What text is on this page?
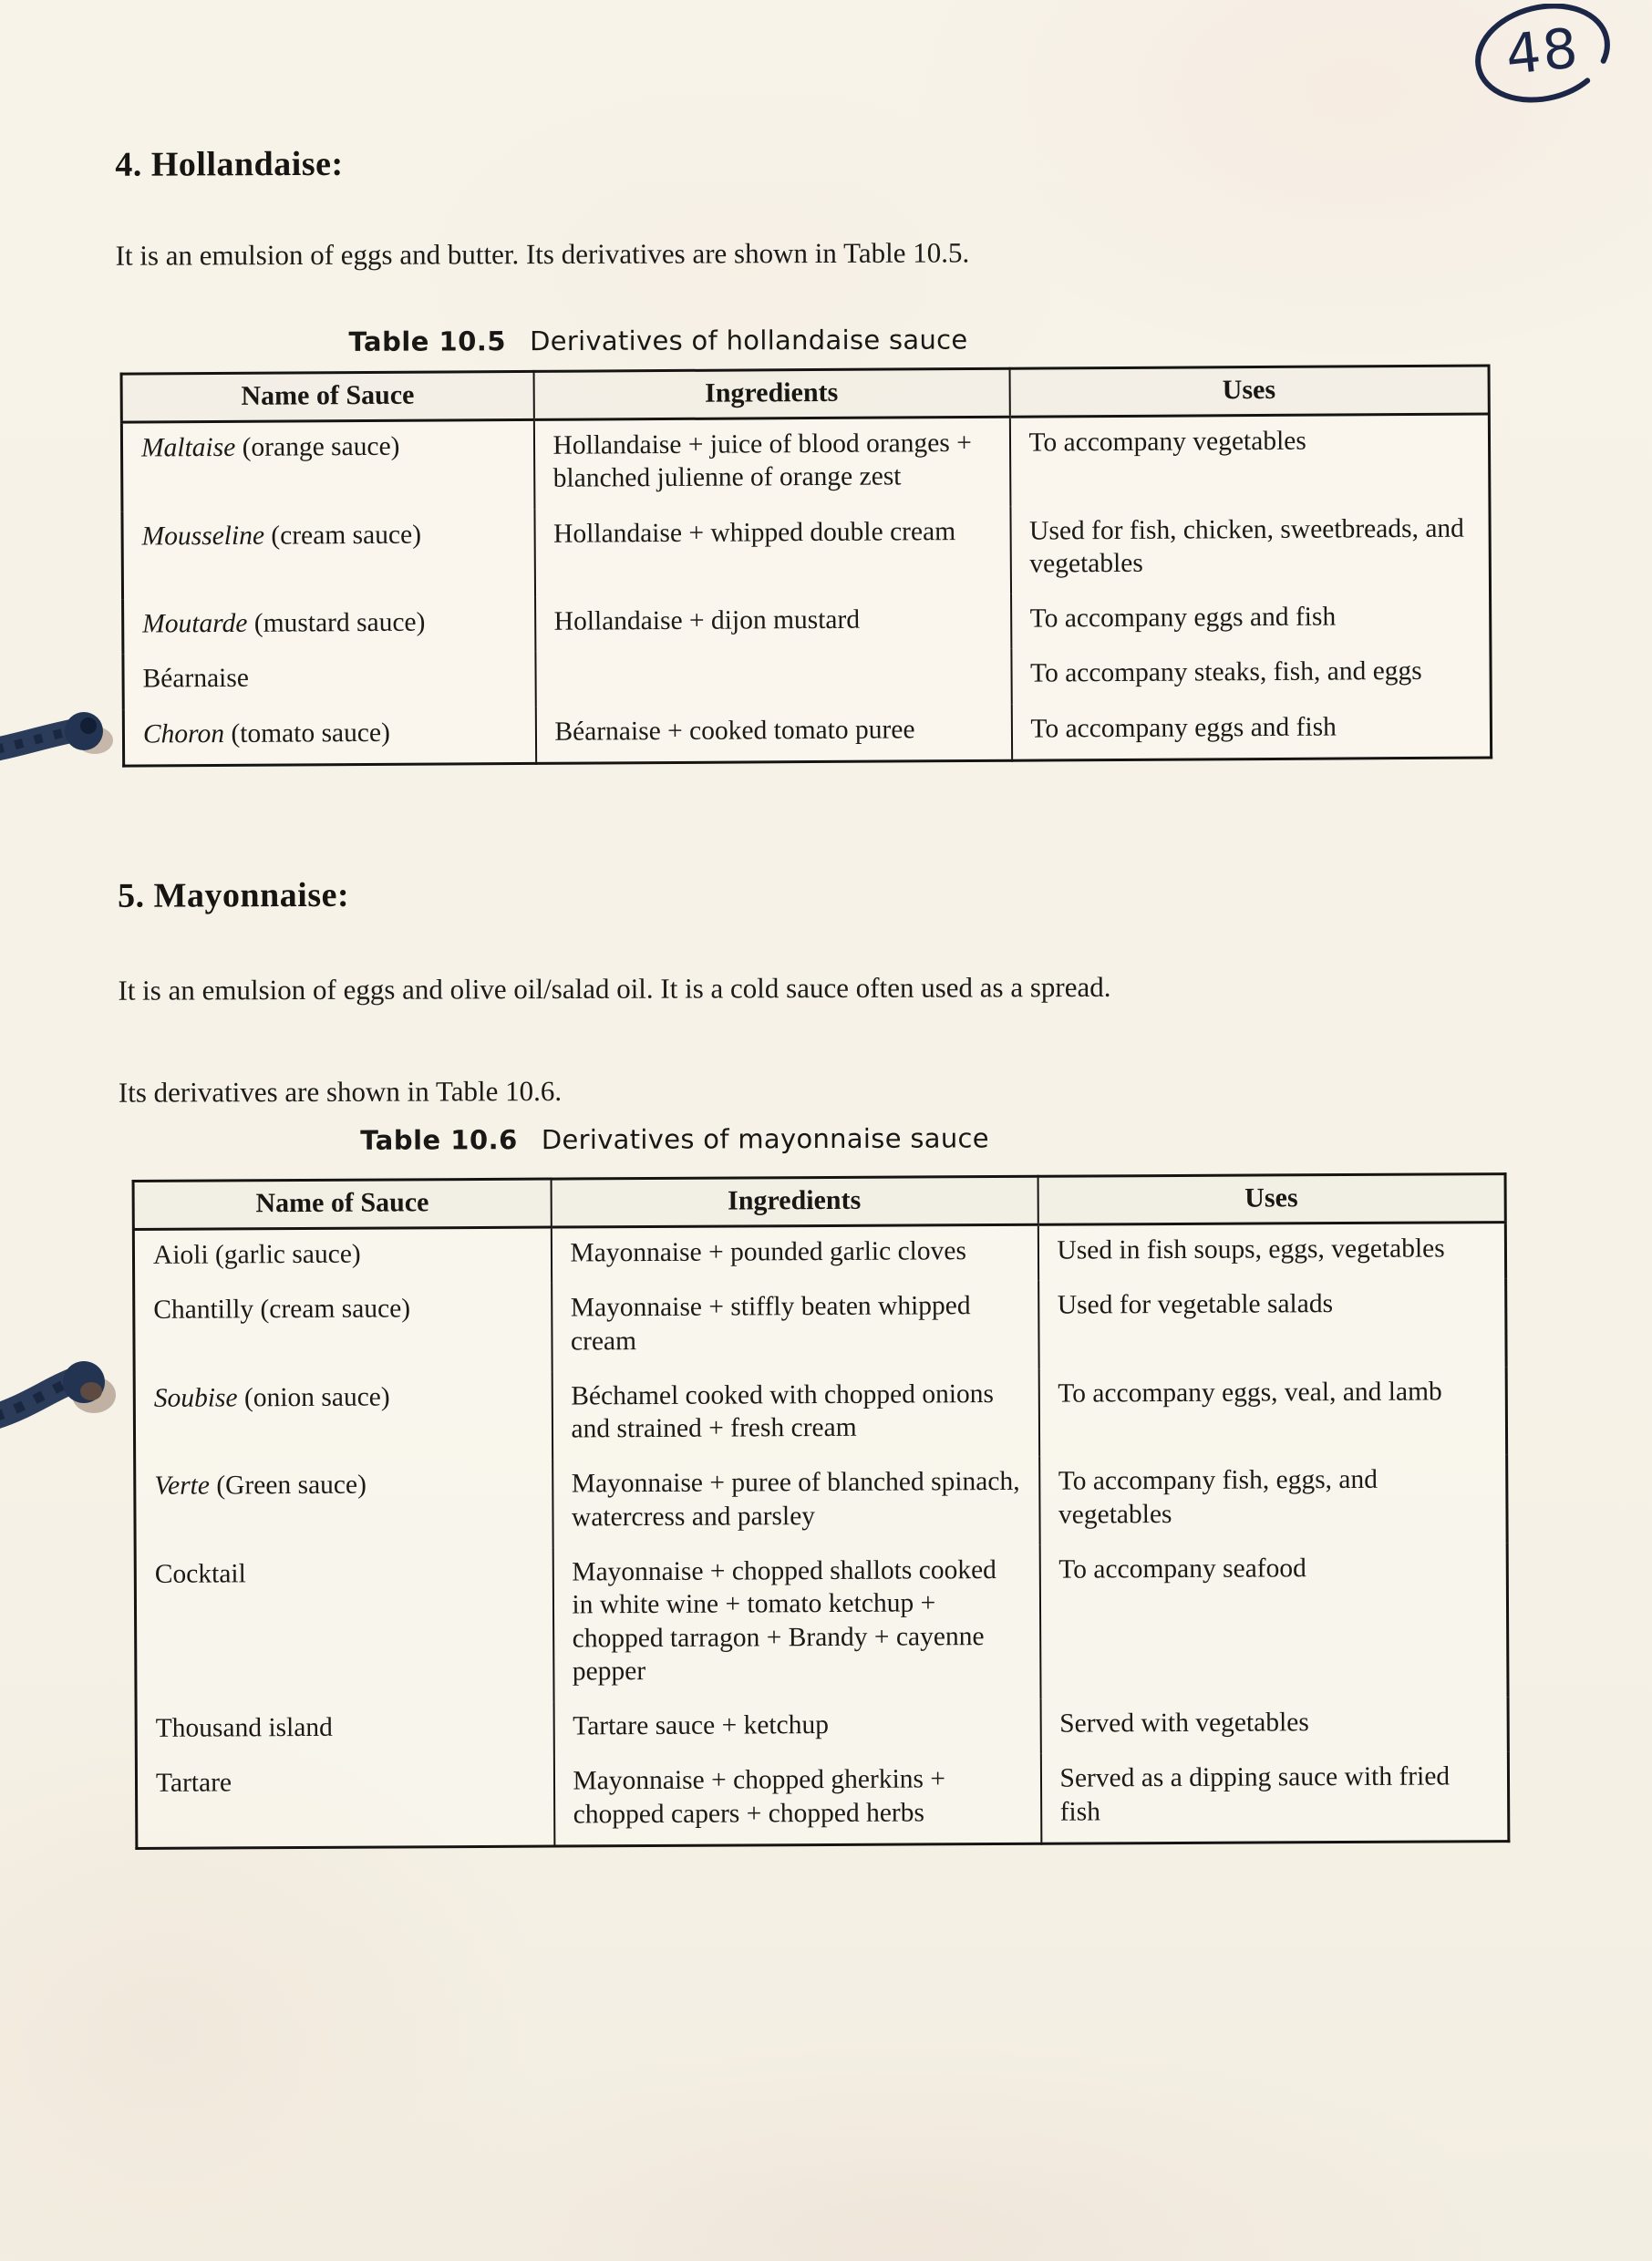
48
4. Hollandaise:

It is an emulsion of eggs and butter. Its derivatives are shown in Table 10.5.

Table 10.5 Derivatives of hollandaise sauce
Name of Sauce	Ingredients	Uses
Maltaise (orange sauce)	Hollandaise + juice of blood oranges + blanched julienne of orange zest	To accompany vegetables
Mousseline (cream sauce)	Hollandaise + whipped double cream	Used for fish, chicken, sweetbreads, and vegetables
Moutarde (mustard sauce)	Hollandaise + dijon mustard	To accompany eggs and fish
Béarnaise		To accompany steaks, fish, and eggs
Choron (tomato sauce)	Béarnaise + cooked tomato puree	To accompany eggs and fish
5. Mayonnaise:

It is an emulsion of eggs and olive oil/salad oil. It is a cold sauce often used as a spread.

Its derivatives are shown in Table 10.6.

Table 10.6 Derivatives of mayonnaise sauce
Name of Sauce	Ingredients	Uses
Aioli (garlic sauce)	Mayonnaise + pounded garlic cloves	Used in fish soups, eggs, vegetables
Chantilly (cream sauce)	Mayonnaise + stiffly beaten whipped cream	Used for vegetable salads
Soubise (onion sauce)	Béchamel cooked with chopped onions and strained + fresh cream	To accompany eggs, veal, and lamb
Verte (Green sauce)	Mayonnaise + puree of blanched spinach, watercress and parsley	To accompany fish, eggs, and vegetables
Cocktail	Mayonnaise + chopped shallots cooked in white wine + tomato ketchup + chopped tarragon + Brandy + cayenne pepper	To accompany seafood
Thousand island	Tartare sauce + ketchup	Served with vegetables
Tartare	Mayonnaise + chopped gherkins + chopped capers + chopped herbs	Served as a dipping sauce with fried fish
